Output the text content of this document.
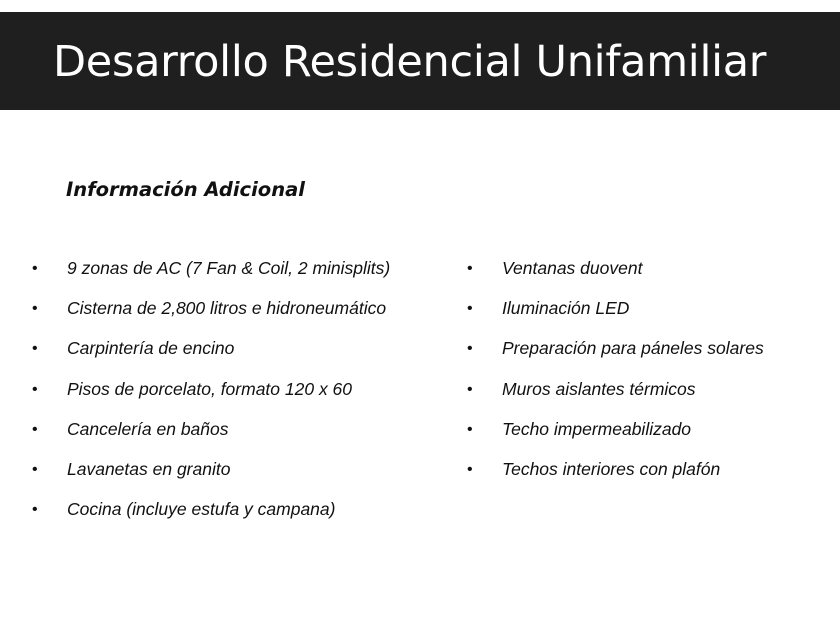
Desarrollo Residencial Unifamiliar
Información Adicional
•	9 zonas de AC (7 Fan & Coil, 2 minisplits)
•	Cisterna de 2,800 litros e hidroneumático
•	Carpintería de encino
•	Pisos de porcelato, formato 120 x 60
•	Cancelería en baños
•	Lavanetas en granito
•	Cocina (incluye estufa y campana)
•	Ventanas duovent
•	Iluminación LED
•	Preparación para páneles solares
•	Muros aislantes térmicos
•	Techo impermeabilizado
•	Techos interiores con plafón
